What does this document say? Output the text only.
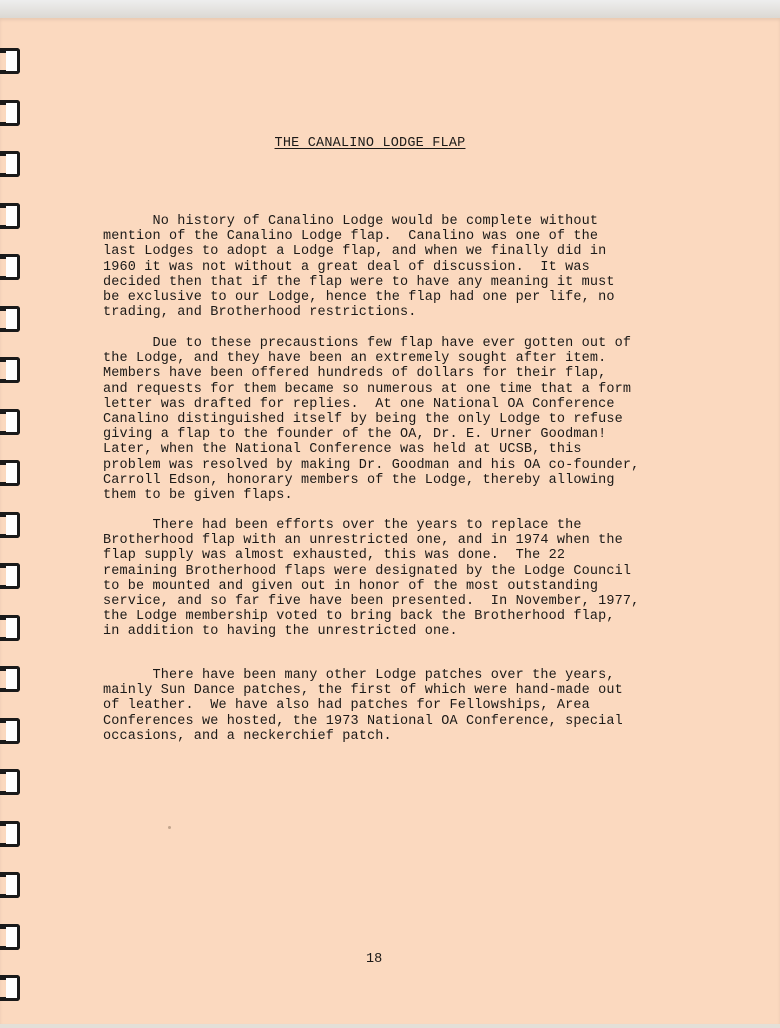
THE CANALINO LODGE FLAP

No history of Canalino Lodge would be complete without
mention of the Canalino Lodge flap.  Canalino was one of the
last Lodges to adopt a Lodge flap, and when we finally did in
1960 it was not without a great deal of discussion.  It was
decided then that if the flap were to have any meaning it must
be exclusive to our Lodge, hence the flap had one per life, no
trading, and Brotherhood restrictions.

Due to these precaustions few flap have ever gotten out of
the Lodge, and they have been an extremely sought after item.
Members have been offered hundreds of dollars for their flap,
and requests for them became so numerous at one time that a form
letter was drafted for replies.  At one National OA Conference
Canalino distinguished itself by being the only Lodge to refuse
giving a flap to the founder of the OA, Dr. E. Urner Goodman!
Later, when the National Conference was held at UCSB, this
problem was resolved by making Dr. Goodman and his OA co-founder,
Carroll Edson, honorary members of the Lodge, thereby allowing
them to be given flaps.

There had been efforts over the years to replace the
Brotherhood flap with an unrestricted one, and in 1974 when the
flap supply was almost exhausted, this was done.  The 22
remaining Brotherhood flaps were designated by the Lodge Council
to be mounted and given out in honor of the most outstanding
service, and so far five have been presented.  In November, 1977,
the Lodge membership voted to bring back the Brotherhood flap,
in addition to having the unrestricted one.

There have been many other Lodge patches over the years,
mainly Sun Dance patches, the first of which were hand-made out
of leather.  We have also had patches for Fellowships, Area
Conferences we hosted, the 1973 National OA Conference, special
occasions, and a neckerchief patch.

18
